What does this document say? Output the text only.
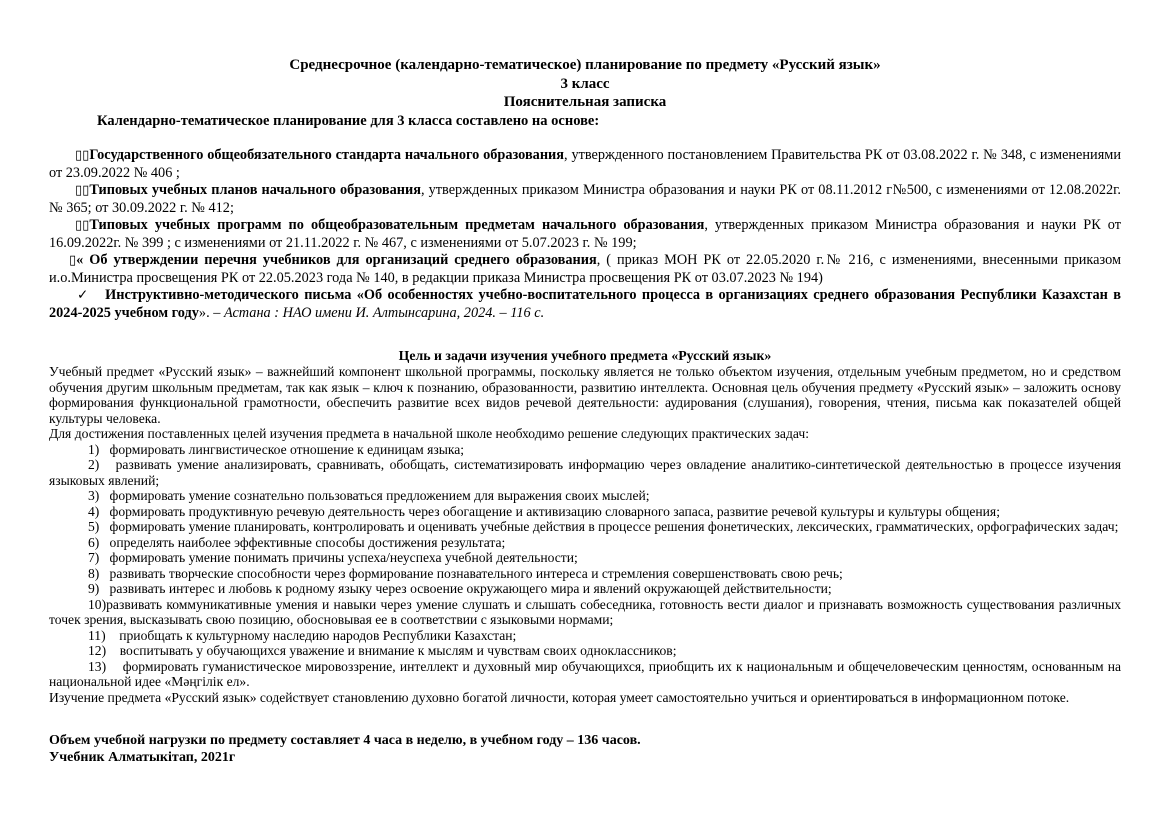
Среднесрочное (календарно-тематическое) планирование по предмету «Русский язык»

3 класс

Пояснительная записка

Календарно-тематическое планирование для 3 класса составлено на основе:

▯▯Государственного общеобязательного стандарта начального образования, утвержденного постановлением Правительства РК от 03.08.2022 г. № 348, с изменениями от 23.09.2022 № 406 ;

▯▯Типовых учебных планов начального образования, утвержденных приказом Министра образования и науки РК от 08.11.2012 г№500, с изменениями от 12.08.2022г. № 365; от 30.09.2022 г. № 412;

▯▯Типовых учебных программ по общеобразовательным предметам начального образования, утвержденных приказом Министра образования и науки РК от 16.09.2022г. № 399 ; с изменениями от 21.11.2022 г. № 467, с изменениями от 5.07.2023 г. № 199;

▯« Об утверждении перечня учебников для организаций среднего образования, ( приказ МОН РК от 22.05.2020 г.№ 216, с изменениями, внесенными приказом и.о.Министра просвещения РК от 22.05.2023 года № 140, в редакции приказа Министра просвещения РК от 03.07.2023 № 194)

✓ Инструктивно-методического письма «Об особенностях учебно-воспитательного процесса в организациях среднего образования Республики Казахстан в 2024-2025 учебном году». – Астана : НАО имени И. Алтынсарина, 2024. – 116 с.

Цель и задачи изучения учебного предмета «Русский язык»

Учебный предмет «Русский язык» – важнейший компонент школьной программы, поскольку является не только объектом изучения, отдельным учебным предметом, но и средством обучения другим школьным предметам, так как язык – ключ к познанию, образованности, развитию интеллекта. Основная цель обучения предмету «Русский язык» – заложить основу формирования функциональной грамотности, обеспечить развитие всех видов речевой деятельности: аудирования (слушания), говорения, чтения, письма как показателей общей культуры человека.

Для достижения поставленных целей изучения предмета в начальной школе необходимо решение следующих практических задач:

1)   формировать лингвистическое отношение к единицам языка;

2)   развивать умение анализировать, сравнивать, обобщать, систематизировать информацию через овладение аналитико-синтетической деятельностью в процессе изучения языковых явлений;

3)   формировать умение сознательно пользоваться предложением для выражения своих мыслей;

4)   формировать продуктивную речевую деятельность через обогащение и активизацию словарного запаса, развитие речевой культуры и культуры общения;

5)   формировать умение планировать, контролировать и оценивать учебные действия в процессе решения фонетических, лексических, грамматических, орфографических задач;

6)   определять наиболее эффективные способы достижения результата;

7)   формировать умение понимать причины успеха/неуспеха учебной деятельности;

8)   развивать творческие способности через формирование познавательного интереса и стремления совершенствовать свою речь;

9)   развивать интерес и любовь к родному языку через освоение окружающего мира и явлений окружающей действительности;

10)развивать коммуникативные умения и навыки через умение слушать и слышать собеседника, готовность вести диалог и признавать возможность существования различных точек зрения, высказывать свою позицию, обосновывая ее в соответствии с языковыми нормами;

11)    приобщать к культурному наследию народов Республики Казахстан;

12)    воспитывать у обучающихся уважение и внимание к мыслям и чувствам своих одноклассников;

13)    формировать гуманистическое мировоззрение, интеллект и духовный мир обучающихся, приобщить их к национальным и общечеловеческим ценностям, основанным на национальной идее «Мәңгілік ел».

Изучение предмета «Русский язык» содействует становлению духовно богатой личности, которая умеет самостоятельно учиться и ориентироваться в информационном потоке.

Объем учебной нагрузки по предмету составляет 4 часа в неделю, в учебном году – 136 часов.

Учебник Алматыкітап, 2021г
